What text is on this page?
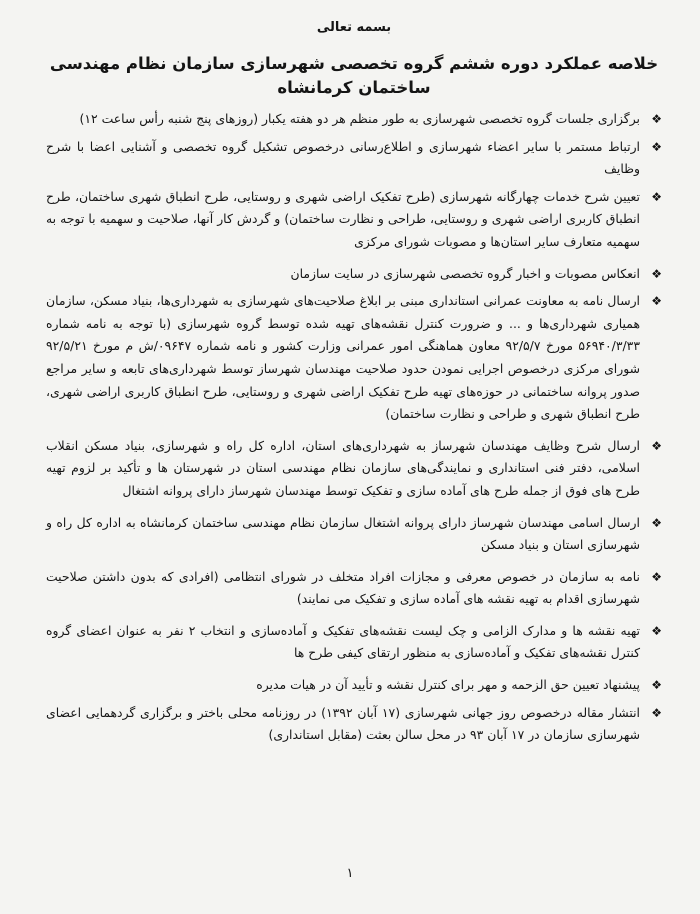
بسمه تعالی

خلاصه عملکرد دوره ششم گروه تخصصی شهرسازی سازمان نظام مهندسی ساختمان کرمانشاه
❖
برگزاری جلسات گروه تخصصی شهرسازی به طور منظم هر دو هفته یکبار (روزهای پنج شنبه رأس ساعت ۱۲)
❖
ارتباط مستمر با سایر اعضاء شهرسازی و اطلاع‌رسانی درخصوص تشکیل گروه تخصصی و آشنایی اعضا با شرح وظایف
❖
تعیین شرح خدمات چهارگانه شهرسازی (طرح تفکیک اراضی شهری و روستایی، طرح انطباق شهری ساختمان، طرح انطباق کاربری اراضی شهری و روستایی، طراحی و نظارت ساختمان) و گردش کار آنها، صلاحیت و سهمیه با توجه به سهمیه متعارف سایر استان‌ها و مصوبات شورای مرکزی
❖
انعکاس مصوبات و اخبار گروه تخصصی شهرسازی در سایت سازمان
❖
ارسال نامه به معاونت عمرانی استانداری مبنی بر ابلاغ صلاحیت‌های شهرسازی به شهرداری‌ها، بنیاد مسکن، سازمان همیاری شهرداری‌ها و ... و ضرورت کنترل نقشه‌های تهیه شده توسط گروه شهرسازی (با توجه به نامه شماره ۵۶۹۴۰/۳/۳۳ مورخ ۹۲/۵/۷ معاون هماهنگی امور عمرانی وزارت کشور و نامه شماره ۰۹۶۴۷/ش م مورخ ۹۲/۵/۲۱ شورای مرکزی درخصوص اجرایی نمودن حدود صلاحیت مهندسان شهرساز توسط شهرداری‌های تابعه و سایر مراجع صدور پروانه ساختمانی در حوزه‌های تهیه طرح تفکیک اراضی شهری و روستایی، طرح انطباق کاربری اراضی شهری، طرح انطباق شهری و طراحی و نظارت ساختمان)
❖
ارسال شرح وظایف مهندسان شهرساز به شهرداری‌های استان، اداره کل راه و شهرسازی، بنیاد مسکن انقلاب اسلامی، دفتر فنی استانداری و نمایندگی‌های سازمان نظام مهندسی استان در شهرستان ها و تأکید بر لزوم تهیه طرح های فوق از جمله طرح های آماده سازی و تفکیک توسط مهندسان شهرساز دارای پروانه اشتغال
❖
ارسال اسامی مهندسان شهرساز دارای پروانه اشتغال سازمان نظام مهندسی ساختمان کرمانشاه به اداره کل راه و شهرسازی استان و بنیاد مسکن
❖
نامه به سازمان در خصوص معرفی و مجازات افراد متخلف در شورای انتظامی (افرادی که بدون داشتن صلاحیت شهرسازی اقدام به تهیه نقشه های آماده سازی و تفکیک می نمایند)
❖
تهیه نقشه ها و مدارک الزامی و چک لیست نقشه‌های تفکیک و آماده‌سازی و انتخاب ۲ نفر به عنوان اعضای گروه کنترل نقشه‌های تفکیک و آماده‌سازی به منظور ارتقای کیفی طرح ها
❖
پیشنهاد تعیین حق الزحمه و مهر برای کنترل نقشه و تأیید آن در هیات مدیره
❖
انتشار مقاله درخصوص روز جهانی شهرسازی (۱۷ آبان ۱۳۹۲) در روزنامه محلی باختر و برگزاری گردهمایی اعضای شهرسازی سازمان در ۱۷ آبان ۹۳ در محل سالن بعثت (مقابل استانداری)
۱
